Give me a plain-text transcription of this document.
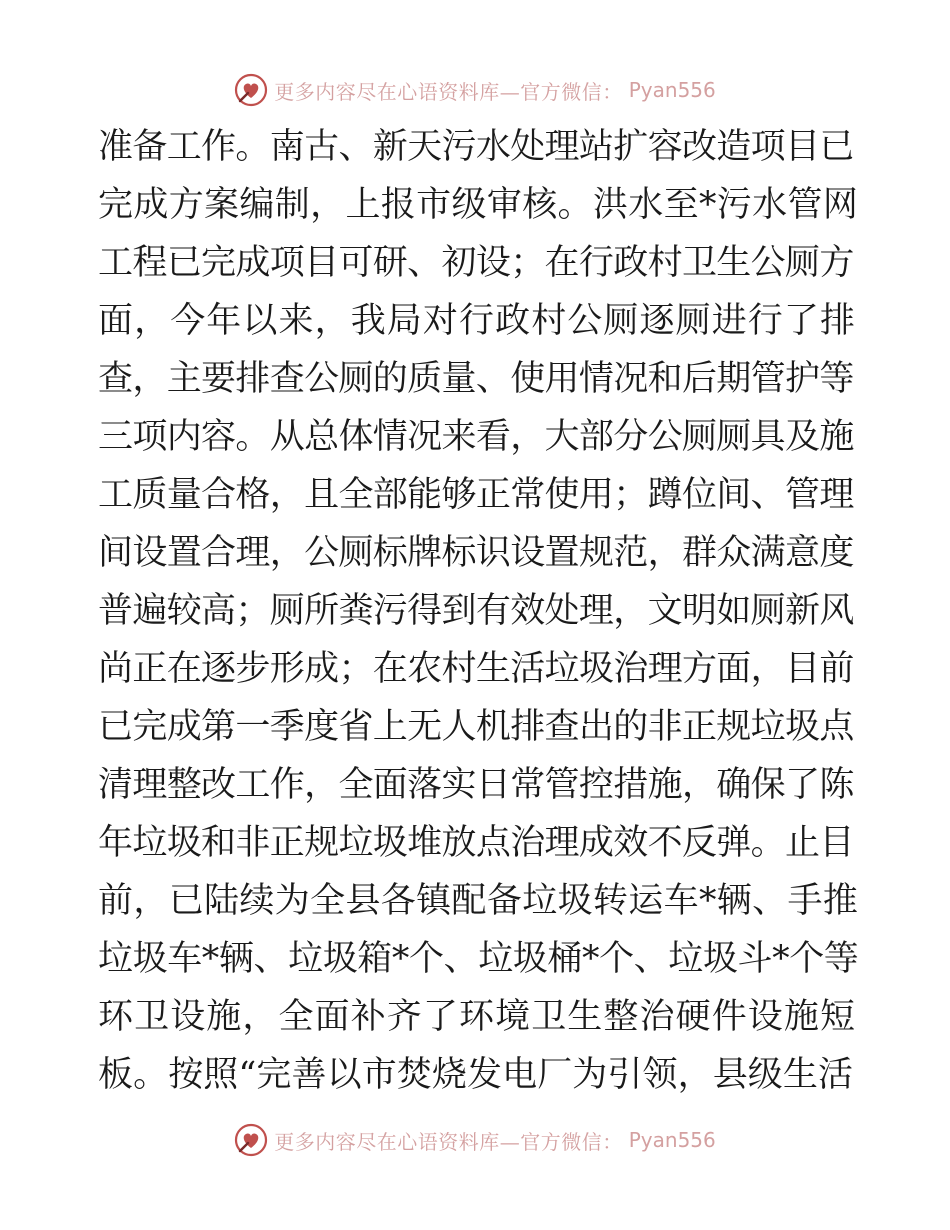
更多内容尽在心语资料库—官方微信： Pyan556
准备工作。南古、新天污水处理站扩容改造项目已
完成方案编制，上报市级审核。洪水至*污水管网
工程已完成项目可研、初设；在行政村卫生公厕方
面，今年以来，我局对行政村公厕逐厕进行了排
查，主要排查公厕的质量、使用情况和后期管护等
三项内容。从总体情况来看，大部分公厕厕具及施
工质量合格，且全部能够正常使用；蹲位间、管理
间设置合理，公厕标牌标识设置规范，群众满意度
普遍较高；厕所粪污得到有效处理，文明如厕新风
尚正在逐步形成；在农村生活垃圾治理方面，目前
已完成第一季度省上无人机排查出的非正规垃圾点
清理整改工作，全面落实日常管控措施，确保了陈
年垃圾和非正规垃圾堆放点治理成效不反弹。止目
前，已陆续为全县各镇配备垃圾转运车*辆、手推
垃圾车*辆、垃圾箱*个、垃圾桶*个、垃圾斗*个等
环卫设施，全面补齐了环境卫生整治硬件设施短
板。按照“完善以市焚烧发电厂为引领，县级生活
更多内容尽在心语资料库—官方微信： Pyan556
